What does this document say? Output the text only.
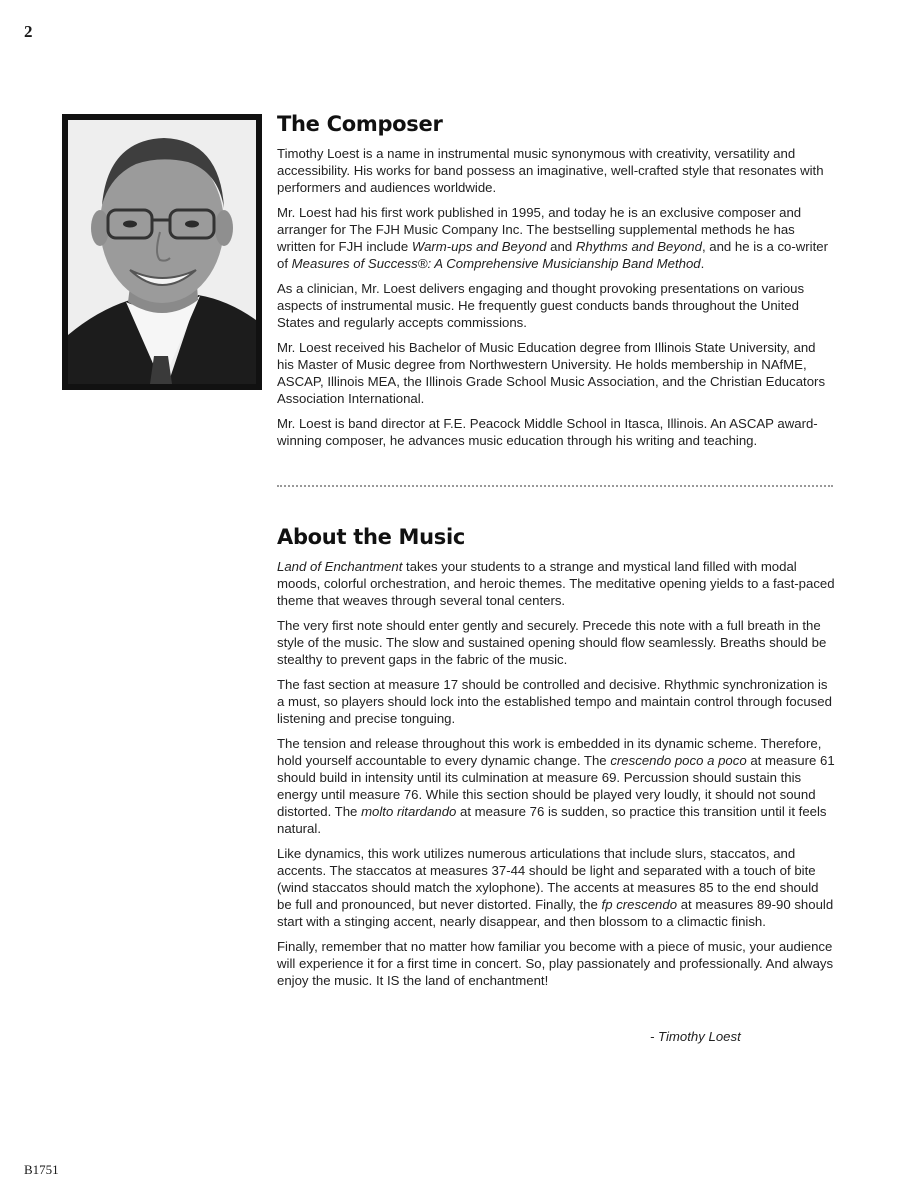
2
The Composer

Timothy Loest is a name in instrumental music synonymous with creativity, versatility and accessibility. His works for band possess an imaginative, well-crafted style that resonates with performers and audiences worldwide.

Mr. Loest had his first work published in 1995, and today he is an exclusive composer and arranger for The FJH Music Company Inc. The bestselling supplemental methods he has written for FJH include Warm-ups and Beyond and Rhythms and Beyond, and he is a co-writer of Measures of Success®: A Comprehensive Musicianship Band Method.

As a clinician, Mr. Loest delivers engaging and thought provoking presentations on various aspects of instrumental music. He frequently guest conducts bands throughout the United States and regularly accepts commissions.

Mr. Loest received his Bachelor of Music Education degree from Illinois State University, and his Master of Music degree from Northwestern University. He holds membership in NAfME, ASCAP, Illinois MEA, the Illinois Grade School Music Association, and the Christian Educators Association International.

Mr. Loest is band director at F.E. Peacock Middle School in Itasca, Illinois. An ASCAP award-winning composer, he advances music education through his writing and teaching.

About the Music

Land of Enchantment takes your students to a strange and mystical land filled with modal moods, colorful orchestration, and heroic themes. The meditative opening yields to a fast-paced theme that weaves through several tonal centers.

The very first note should enter gently and securely. Precede this note with a full breath in the style of the music. The slow and sustained opening should flow seamlessly. Breaths should be stealthy to prevent gaps in the fabric of the music.

The fast section at measure 17 should be controlled and decisive. Rhythmic synchronization is a must, so players should lock into the established tempo and maintain control through focused listening and precise tonguing.

The tension and release throughout this work is embedded in its dynamic scheme. Therefore, hold yourself accountable to every dynamic change. The crescendo poco a poco at measure 61 should build in intensity until its culmination at measure 69. Percussion should sustain this energy until measure 76. While this section should be played very loudly, it should not sound distorted. The molto ritardando at measure 76 is sudden, so practice this transition until it feels natural.

Like dynamics, this work utilizes numerous articulations that include slurs, staccatos, and accents. The staccatos at measures 37-44 should be light and separated with a touch of bite (wind staccatos should match the xylophone). The accents at measures 85 to the end should be full and pronounced, but never distorted. Finally, the fp crescendo at measures 89-90 should start with a stinging accent, nearly disappear, and then blossom to a climactic finish.

Finally, remember that no matter how familiar you become with a piece of music, your audience will experience it for a first time in concert. So, play passionately and professionally. And always enjoy the music. It IS the land of enchantment!

- Timothy Loest
B1751
